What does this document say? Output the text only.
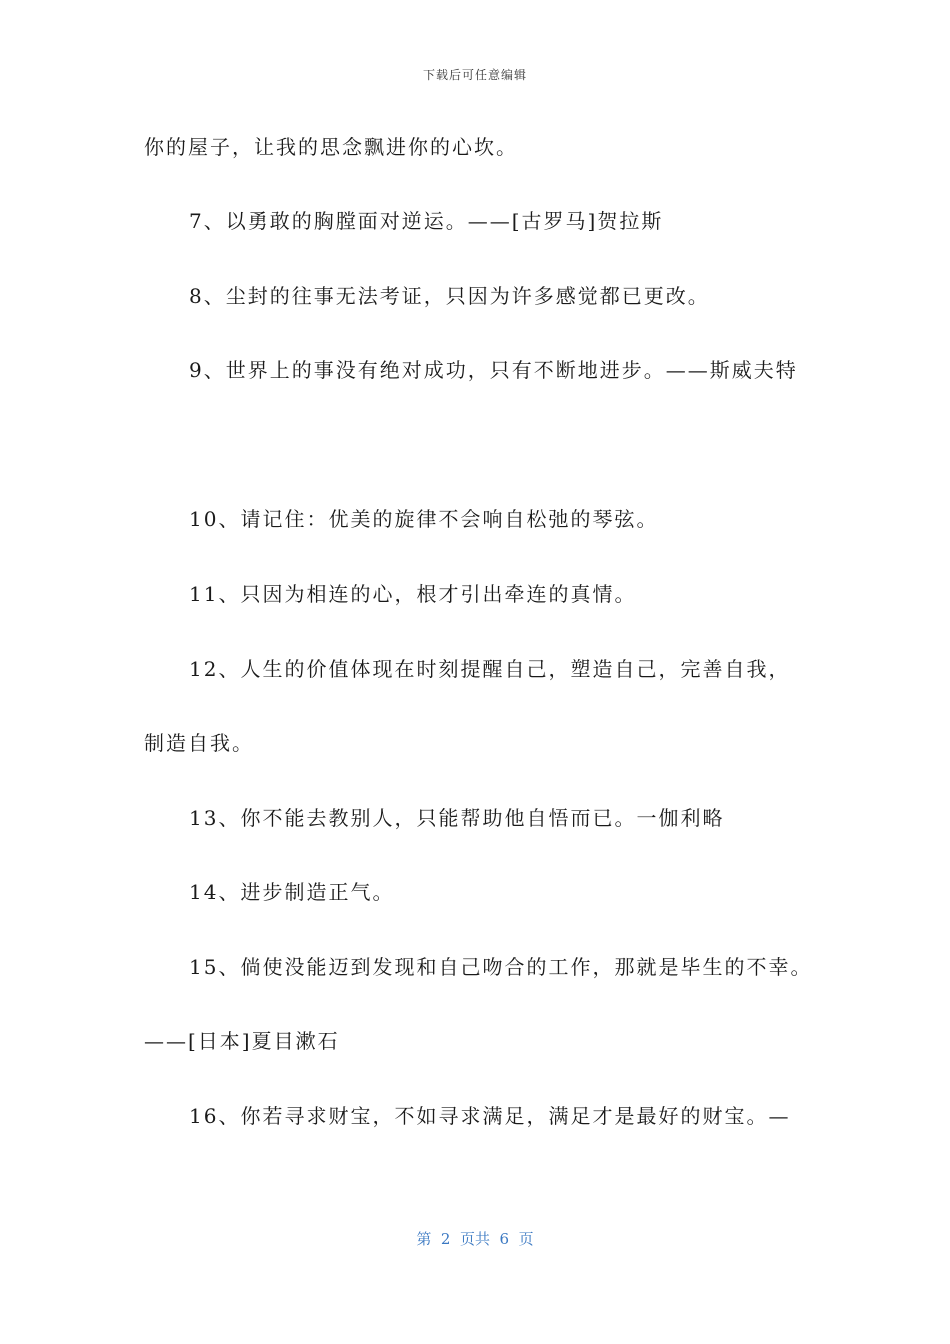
下载后可任意编辑
你的屋子，让我的思念飘进你的心坎。
7、以勇敢的胸膛面对逆运。——[古罗马]贺拉斯
8、尘封的往事无法考证，只因为许多感觉都已更改。
9、世界上的事没有绝对成功，只有不断地进步。——斯威夫特
10、请记住：优美的旋律不会响自松弛的琴弦。
11、只因为相连的心，根才引出牵连的真情。
12、人生的价值体现在时刻提醒自己，塑造自己，完善自我，
制造自我。
13、你不能去教别人，只能帮助他自悟而已。一伽利略
14、进步制造正气。
15、倘使没能迈到发现和自己吻合的工作，那就是毕生的不幸。
——[日本]夏目漱石
16、你若寻求财宝，不如寻求满足，满足才是最好的财宝。—
第  2  页共  6  页
